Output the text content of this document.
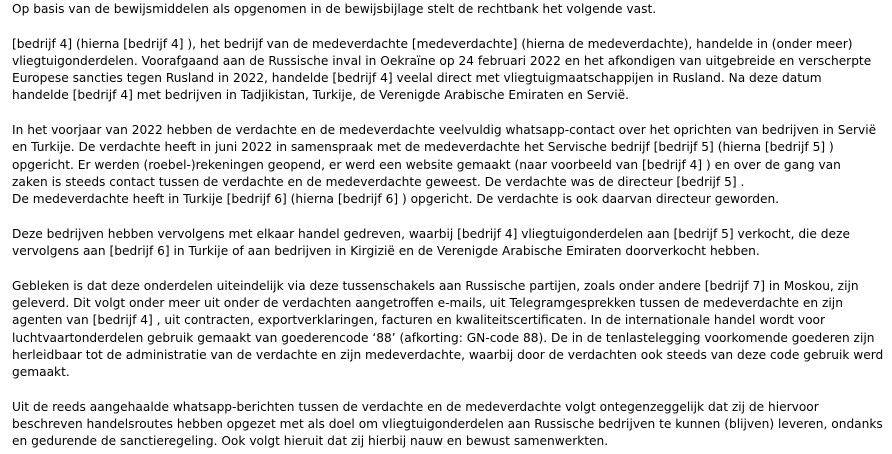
Op basis van de bewijsmiddelen als opgenomen in de bewijsbijlage stelt de rechtbank het volgende vast.

[bedrijf 4] (hierna [bedrijf 4] ), het bedrijf van de medeverdachte [medeverdachte] (hierna de medeverdachte), handelde in (onder meer)
vliegtuigonderdelen. Voorafgaand aan de Russische inval in Oekraïne op 24 februari 2022 en het afkondigen van uitgebreide en verscherpte
Europese sancties tegen Rusland in 2022, handelde [bedrijf 4] veelal direct met vliegtuigmaatschappijen in Rusland. Na deze datum
handelde [bedrijf 4] met bedrijven in Tadjikistan, Turkije, de Verenigde Arabische Emiraten en Servië.

In het voorjaar van 2022 hebben de verdachte en de medeverdachte veelvuldig whatsapp-contact over het oprichten van bedrijven in Servië
en Turkije. De verdachte heeft in juni 2022 in samenspraak met de medeverdachte het Servische bedrijf [bedrijf 5] (hierna [bedrijf 5] )
opgericht. Er werden (roebel-)rekeningen geopend, er werd een website gemaakt (naar voorbeeld van [bedrijf 4] ) en over de gang van
zaken is steeds contact tussen de verdachte en de medeverdachte geweest. De verdachte was de directeur [bedrijf 5] .

De medeverdachte heeft in Turkije [bedrijf 6] (hierna [bedrijf 6] ) opgericht. De verdachte is ook daarvan directeur geworden.

Deze bedrijven hebben vervolgens met elkaar handel gedreven, waarbij [bedrijf 4] vliegtuigonderdelen aan [bedrijf 5] verkocht, die deze
vervolgens aan [bedrijf 6] in Turkije of aan bedrijven in Kirgizië en de Verenigde Arabische Emiraten doorverkocht hebben.

Gebleken is dat deze onderdelen uiteindelijk via deze tussenschakels aan Russische partijen, zoals onder andere [bedrijf 7] in Moskou, zijn
geleverd. Dit volgt onder meer uit onder de verdachten aangetroffen e-mails, uit Telegramgesprekken tussen de medeverdachte en zijn
agenten van [bedrijf 4] , uit contracten, exportverklaringen, facturen en kwaliteitscertificaten. In de internationale handel wordt voor
luchtvaartonderdelen gebruik gemaakt van goederencode ‘88’ (afkorting: GN-code 88). De in de tenlastelegging voorkomende goederen zijn
herleidbaar tot de administratie van de verdachte en zijn medeverdachte, waarbij door de verdachten ook steeds van deze code gebruik werd
gemaakt.

Uit de reeds aangehaalde whatsapp-berichten tussen de verdachte en de medeverdachte volgt ontegenzeggelijk dat zij de hiervoor
beschreven handelsroutes hebben opgezet met als doel om vliegtuigonderdelen aan Russische bedrijven te kunnen (blijven) leveren, ondanks
en gedurende de sanctieregeling. Ook volgt hieruit dat zij hierbij nauw en bewust samenwerkten.
